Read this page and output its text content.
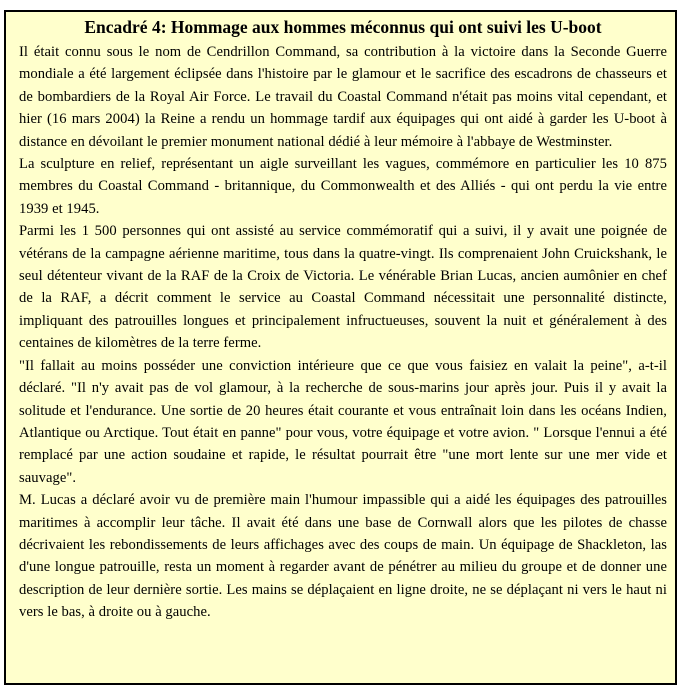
Encadré 4: Hommage aux hommes méconnus qui ont suivi les U-boot

Il était connu sous le nom de Cendrillon Command, sa contribution à la victoire dans la Seconde Guerre mondiale a été largement éclipsée dans l'histoire par le glamour et le sacrifice des escadrons de chasseurs et de bombardiers de la Royal Air Force. Le travail du Coastal Command n'était pas moins vital cependant, et hier (16 mars 2004) la Reine a rendu un hommage tardif aux équipages qui ont aidé à garder les U-boot à distance en dévoilant le premier monument national dédié à leur mémoire à l'abbaye de Westminster.

La sculpture en relief, représentant un aigle surveillant les vagues, commémore en particulier les 10 875 membres du Coastal Command - britannique, du Commonwealth et des Alliés - qui ont perdu la vie entre 1939 et 1945.

Parmi les 1 500 personnes qui ont assisté au service commémoratif qui a suivi, il y avait une poignée de vétérans de la campagne aérienne maritime, tous dans la quatre-vingt. Ils comprenaient John Cruickshank, le seul détenteur vivant de la RAF de la Croix de Victoria. Le vénérable Brian Lucas, ancien aumônier en chef de la RAF, a décrit comment le service au Coastal Command nécessitait une personnalité distincte, impliquant des patrouilles longues et principalement infructueuses, souvent la nuit et généralement à des centaines de kilomètres de la terre ferme.

"Il fallait au moins posséder une conviction intérieure que ce que vous faisiez en valait la peine", a-t-il déclaré. "Il n'y avait pas de vol glamour, à la recherche de sous-marins jour après jour. Puis il y avait la solitude et l'endurance. Une sortie de 20 heures était courante et vous entraînait loin dans les océans Indien, Atlantique ou Arctique. Tout était en panne" pour vous, votre équipage et votre avion. " Lorsque l'ennui a été remplacé par une action soudaine et rapide, le résultat pourrait être "une mort lente sur une mer vide et sauvage".

M. Lucas a déclaré avoir vu de première main l'humour impassible qui a aidé les équipages des patrouilles maritimes à accomplir leur tâche. Il avait été dans une base de Cornwall alors que les pilotes de chasse décrivaient les rebondissements de leurs affichages avec des coups de main. Un équipage de Shackleton, las d'une longue patrouille, resta un moment à regarder avant de pénétrer au milieu du groupe et de donner une description de leur dernière sortie. Les mains se déplaçaient en ligne droite, ne se déplaçant ni vers le haut ni vers le bas, à droite ou à gauche.
